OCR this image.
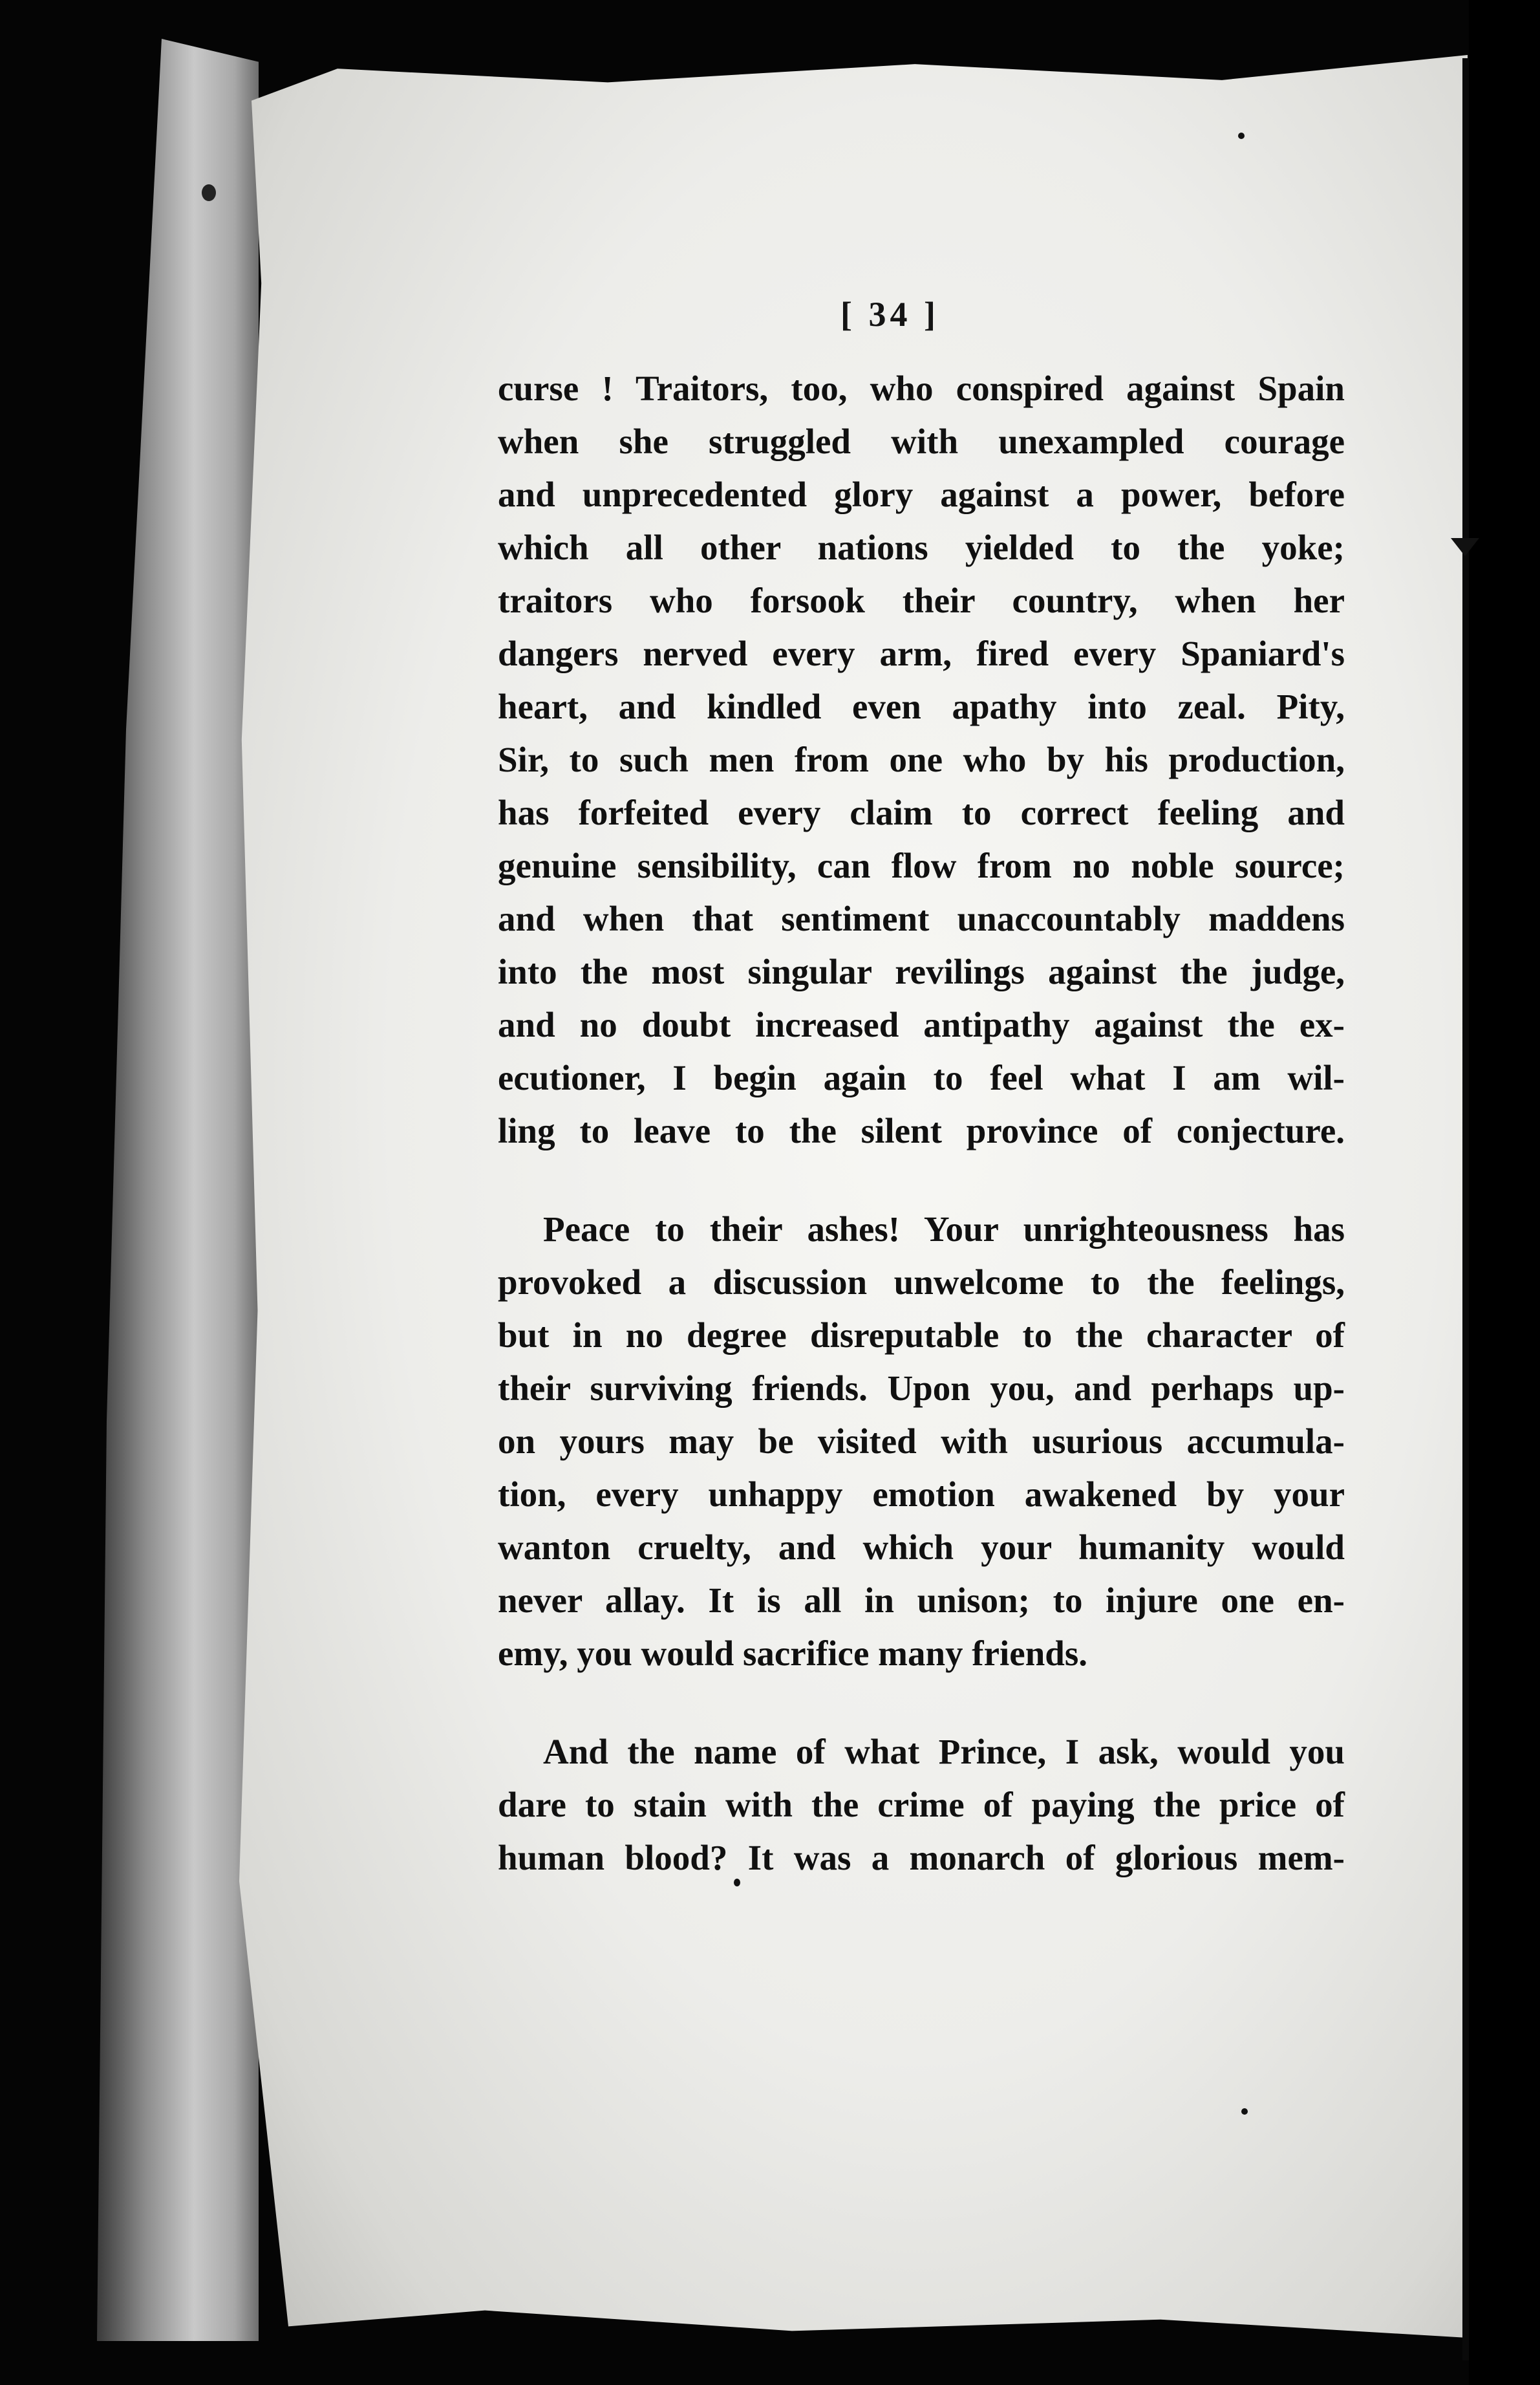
[ 34 ]
curse ! Traitors, too, who conspired against Spain
when she struggled with unexampled courage
and unprecedented glory against a power, before
which all other nations yielded to the yoke;
traitors who forsook their country, when her
dangers nerved every arm, fired every Spaniard's
heart, and kindled even apathy into zeal. Pity,
Sir, to such men from one who by his production,
has forfeited every claim to correct feeling and
genuine sensibility, can flow from no noble source;
and when that sentiment unaccountably maddens
into the most singular revilings against the judge,
and no doubt increased antipathy against the ex-
ecutioner, I begin again to feel what I am wil-
ling to leave to the silent province of conjecture.
Peace to their ashes! Your unrighteousness has
provoked a discussion unwelcome to the feelings,
but in no degree disreputable to the character of
their surviving friends. Upon you, and perhaps up-
on yours may be visited with usurious accumula-
tion, every unhappy emotion awakened by your
wanton cruelty, and which your humanity would
never allay. It is all in unison; to injure one en-
emy, you would sacrifice many friends.
And the name of what Prince, I ask, would you
dare to stain with the crime of paying the price of
human blood? It was a monarch of glorious mem-
